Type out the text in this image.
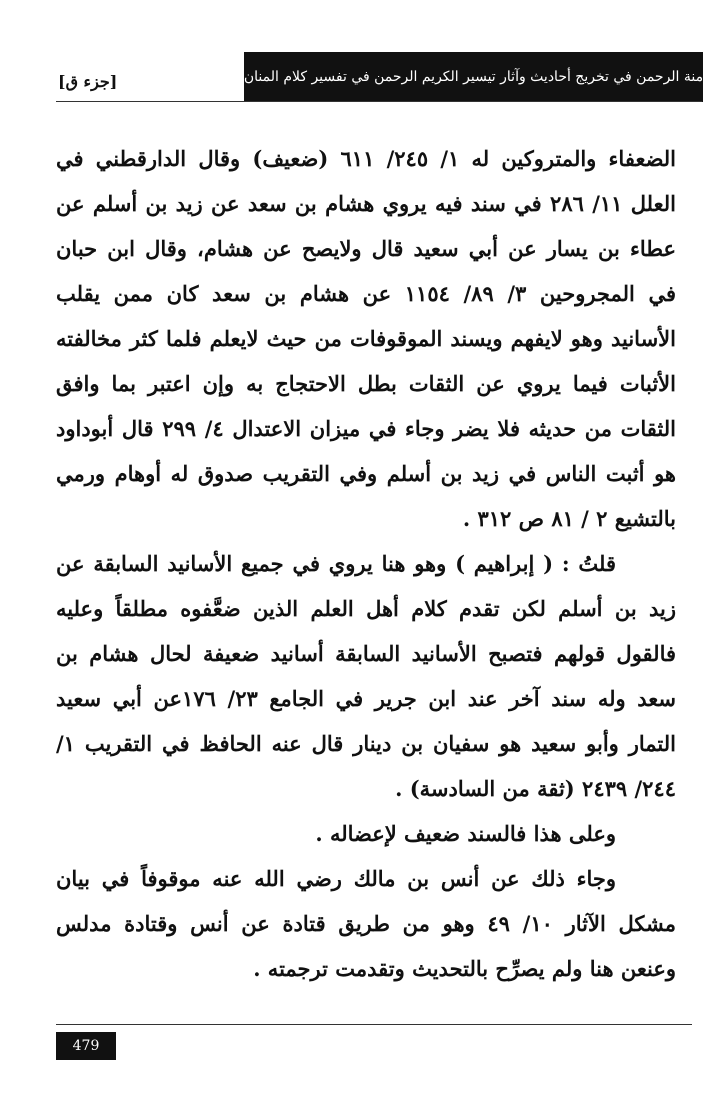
منة الرحمن في تخريج أحاديث وآثار تيسير الكريم الرحمن في تفسير كلام المنان
[جزء ق]

الضعفاء والمتروكين له ١/ ٢٤٥/ ٦١١ (ضعيف) وقال الدارقطني في العلل ١١/ ٢٨٦ في سند فيه يروي هشام بن سعد عن زيد بن أسلم عن عطاء بن يسار عن أبي سعيد قال ولايصح عن هشام، وقال ابن حبان في المجروحين ٣/ ٨٩/ ١١٥٤ عن هشام بن سعد كان ممن يقلب الأسانيد وهو لايفهم ويسند الموقوفات من حيث لايعلم فلما كثر مخالفته الأثبات فيما يروي عن الثقات بطل الاحتجاج به وإن اعتبر بما وافق الثقات من حديثه فلا يضر وجاء في ميزان الاعتدال ٤/ ٢٩٩ قال أبوداود هو أثبت الناس في زيد بن أسلم وفي التقريب صدوق له أوهام ورمي بالتشيع ٢ / ٨١ ص ٣١٢ .

قلتُ : ( إبراهيم ) وهو هنا يروي في جميع الأسانيد السابقة عن زيد بن أسلم لكن تقدم كلام أهل العلم الذين ضعَّفوه مطلقاً وعليه فالقول قولهم فتصبح الأسانيد السابقة أسانيد ضعيفة لحال هشام بن سعد وله سند آخر عند ابن جرير في الجامع ٢٣/ ١٧٦عن أبي سعيد التمار وأبو سعيد هو سفيان بن دينار قال عنه الحافظ في التقريب ١/ ٢٤٤/ ٢٤٣٩ (ثقة من السادسة) .

وعلى هذا فالسند ضعيف لإعضاله .

وجاء ذلك عن أنس بن مالك رضي الله عنه موقوفاً في بيان مشكل الآثار ١٠/ ٤٩ وهو من طريق قتادة عن أنس وقتادة مدلس وعنعن هنا ولم يصرِّح بالتحديث وتقدمت ترجمته .

479
